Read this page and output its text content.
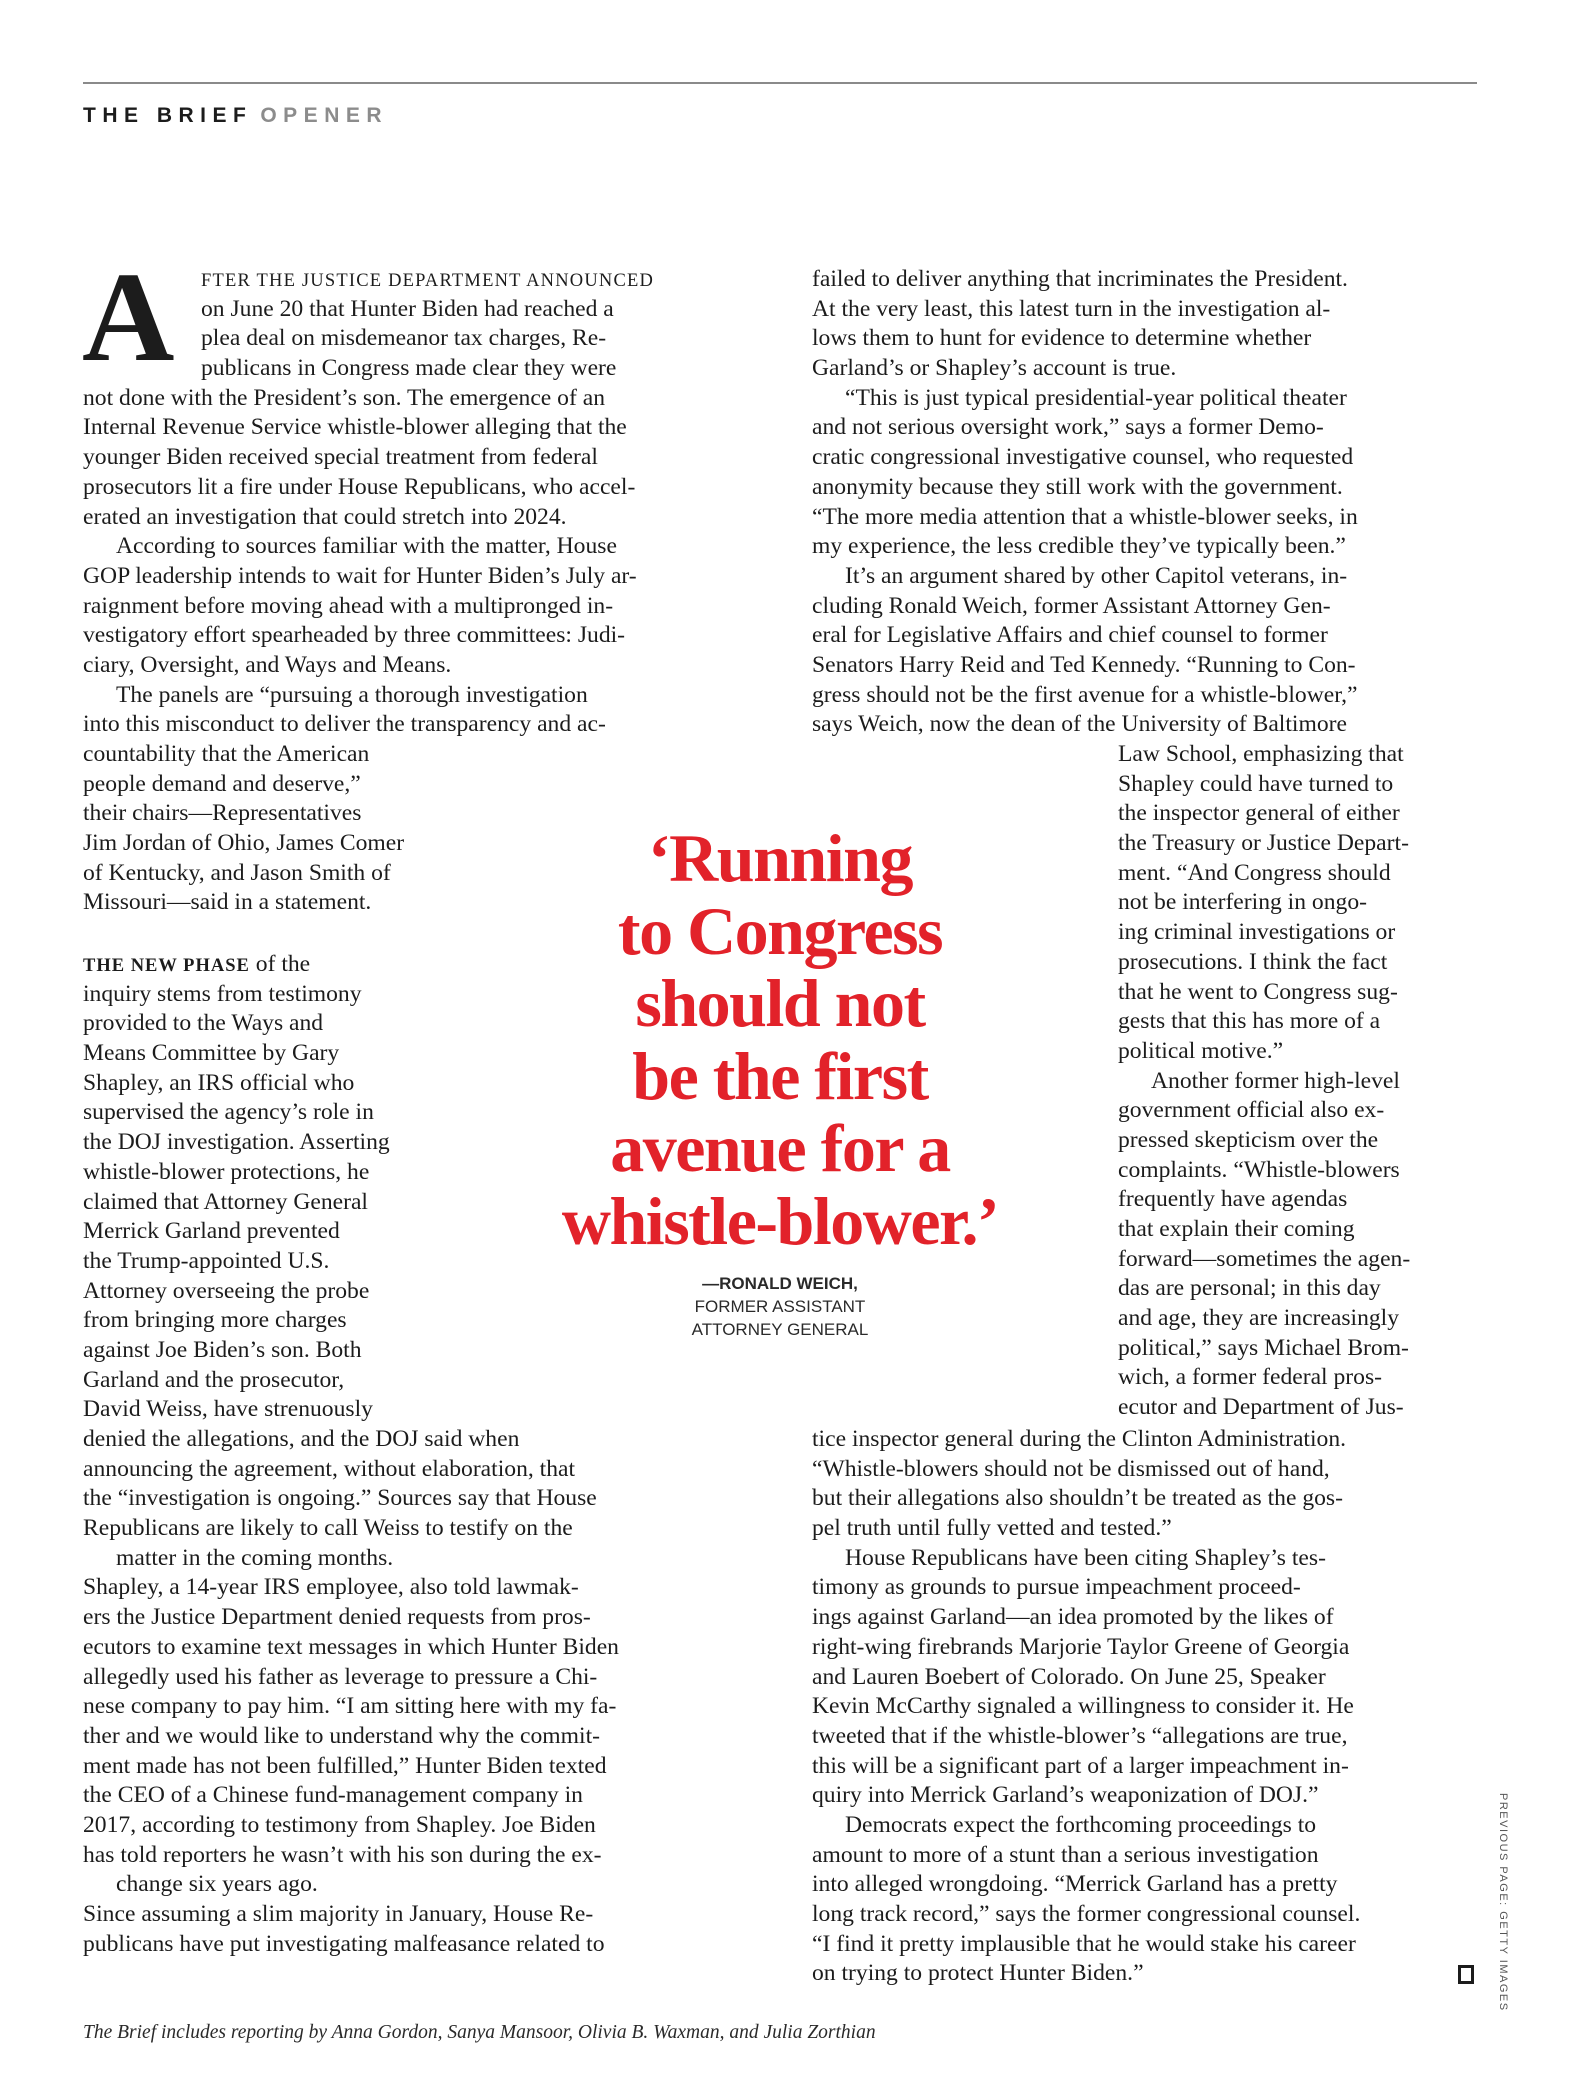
THE BRIEF OPENER
A FTER THE JUSTICE DEPARTMENT ANNOUNCED

on June 20 that Hunter Biden had reached a

plea deal on misdemeanor tax charges, Re-

publicans in Congress made clear they were

not done with the President’s son. The emergence of an

Internal Revenue Service whistle-blower alleging that the

younger Biden received special treatment from federal

prosecutors lit a fire under House Republicans, who accel-

erated an investigation that could stretch into 2024.

According to sources familiar with the matter, House

GOP leadership intends to wait for Hunter Biden’s July ar-

raignment before moving ahead with a multipronged in-

vestigatory effort spearheaded by three committees: Judi-

ciary, Oversight, and Ways and Means.

The panels are “pursuing a thorough investigation

into this misconduct to deliver the transparency and ac-

countability that the American

people demand and deserve,”

their chairs—Representatives

Jim Jordan of Ohio, James Comer

of Kentucky, and Jason Smith of

Missouri—said in a statement.

THE NEW PHASE of the

inquiry stems from testimony

provided to the Ways and

Means Committee by Gary

Shapley, an IRS official who

supervised the agency’s role in

the DOJ investigation. Asserting

whistle-blower protections, he

claimed that Attorney General

Merrick Garland prevented

the Trump-appointed U.S.

Attorney overseeing the probe

from bringing more charges

against Joe Biden’s son. Both

Garland and the prosecutor,

David Weiss, have strenuously

denied the allegations, and the DOJ said when

announcing the agreement, without elaboration, that

the “investigation is ongoing.” Sources say that House

Republicans are likely to call Weiss to testify on the

matter in the coming months.

Shapley, a 14-year IRS employee, also told lawmak-

ers the Justice Department denied requests from pros-

ecutors to examine text messages in which Hunter Biden

allegedly used his father as leverage to pressure a Chi-

nese company to pay him. “I am sitting here with my fa-

ther and we would like to understand why the commit-

ment made has not been fulfilled,” Hunter Biden texted

the CEO of a Chinese fund-management company in

2017, according to testimony from Shapley. Joe Biden

has told reporters he wasn’t with his son during the ex-

change six years ago.

Since assuming a slim majority in January, House Re-

publicans have put investigating malfeasance related to

failed to deliver anything that incriminates the President.

At the very least, this latest turn in the investigation al-

lows them to hunt for evidence to determine whether

Garland’s or Shapley’s account is true.

“This is just typical presidential-year political theater

and not serious oversight work,” says a former Demo-

cratic congressional investigative counsel, who requested

anonymity because they still work with the government.

“The more media attention that a whistle-blower seeks, in

my experience, the less credible they’ve typically been.”

It’s an argument shared by other Capitol veterans, in-

cluding Ronald Weich, former Assistant Attorney Gen-

eral for Legislative Affairs and chief counsel to former

Senators Harry Reid and Ted Kennedy. “Running to Con-

gress should not be the first avenue for a whistle-blower,”

says Weich, now the dean of the University of Baltimore

Law School, emphasizing that

Shapley could have turned to

the inspector general of either

the Treasury or Justice Depart-

ment. “And Congress should

not be interfering in ongo-

ing criminal investigations or

prosecutions. I think the fact

that he went to Congress sug-

gests that this has more of a

political motive.”

Another former high-level

government official also ex-

pressed skepticism over the

complaints. “Whistle-blowers

frequently have agendas

that explain their coming

forward—sometimes the agen-

das are personal; in this day

and age, they are increasingly

political,” says Michael Brom-

wich, a former federal pros-

ecutor and Department of Jus-

tice inspector general during the Clinton Administration.

“Whistle-blowers should not be dismissed out of hand,

but their allegations also shouldn’t be treated as the gos-

pel truth until fully vetted and tested.”

House Republicans have been citing Shapley’s tes-

timony as grounds to pursue impeachment proceed-

ings against Garland—an idea promoted by the likes of

right-wing firebrands Marjorie Taylor Greene of Georgia

and Lauren Boebert of Colorado. On June 25, Speaker

Kevin McCarthy signaled a willingness to consider it. He

tweeted that if the whistle-blower’s “allegations are true,

this will be a significant part of a larger impeachment in-

quiry into Merrick Garland’s weaponization of DOJ.”

Democrats expect the forthcoming proceedings to

amount to more of a stunt than a serious investigation

into alleged wrongdoing. “Merrick Garland has a pretty

long track record,” says the former congressional counsel.

“I find it pretty implausible that he would stake his career

on trying to protect Hunter Biden.”

‘Running
to Congress
should not
be the first
avenue for a
whistle-blower.’
—RONALD WEICH,
FORMER ASSISTANT
ATTORNEY GENERAL
PREVIOUS PAGE: GETTY IMAGES
The Brief includes reporting by Anna Gordon, Sanya Mansoor, Olivia B. Waxman, and Julia Zorthian
